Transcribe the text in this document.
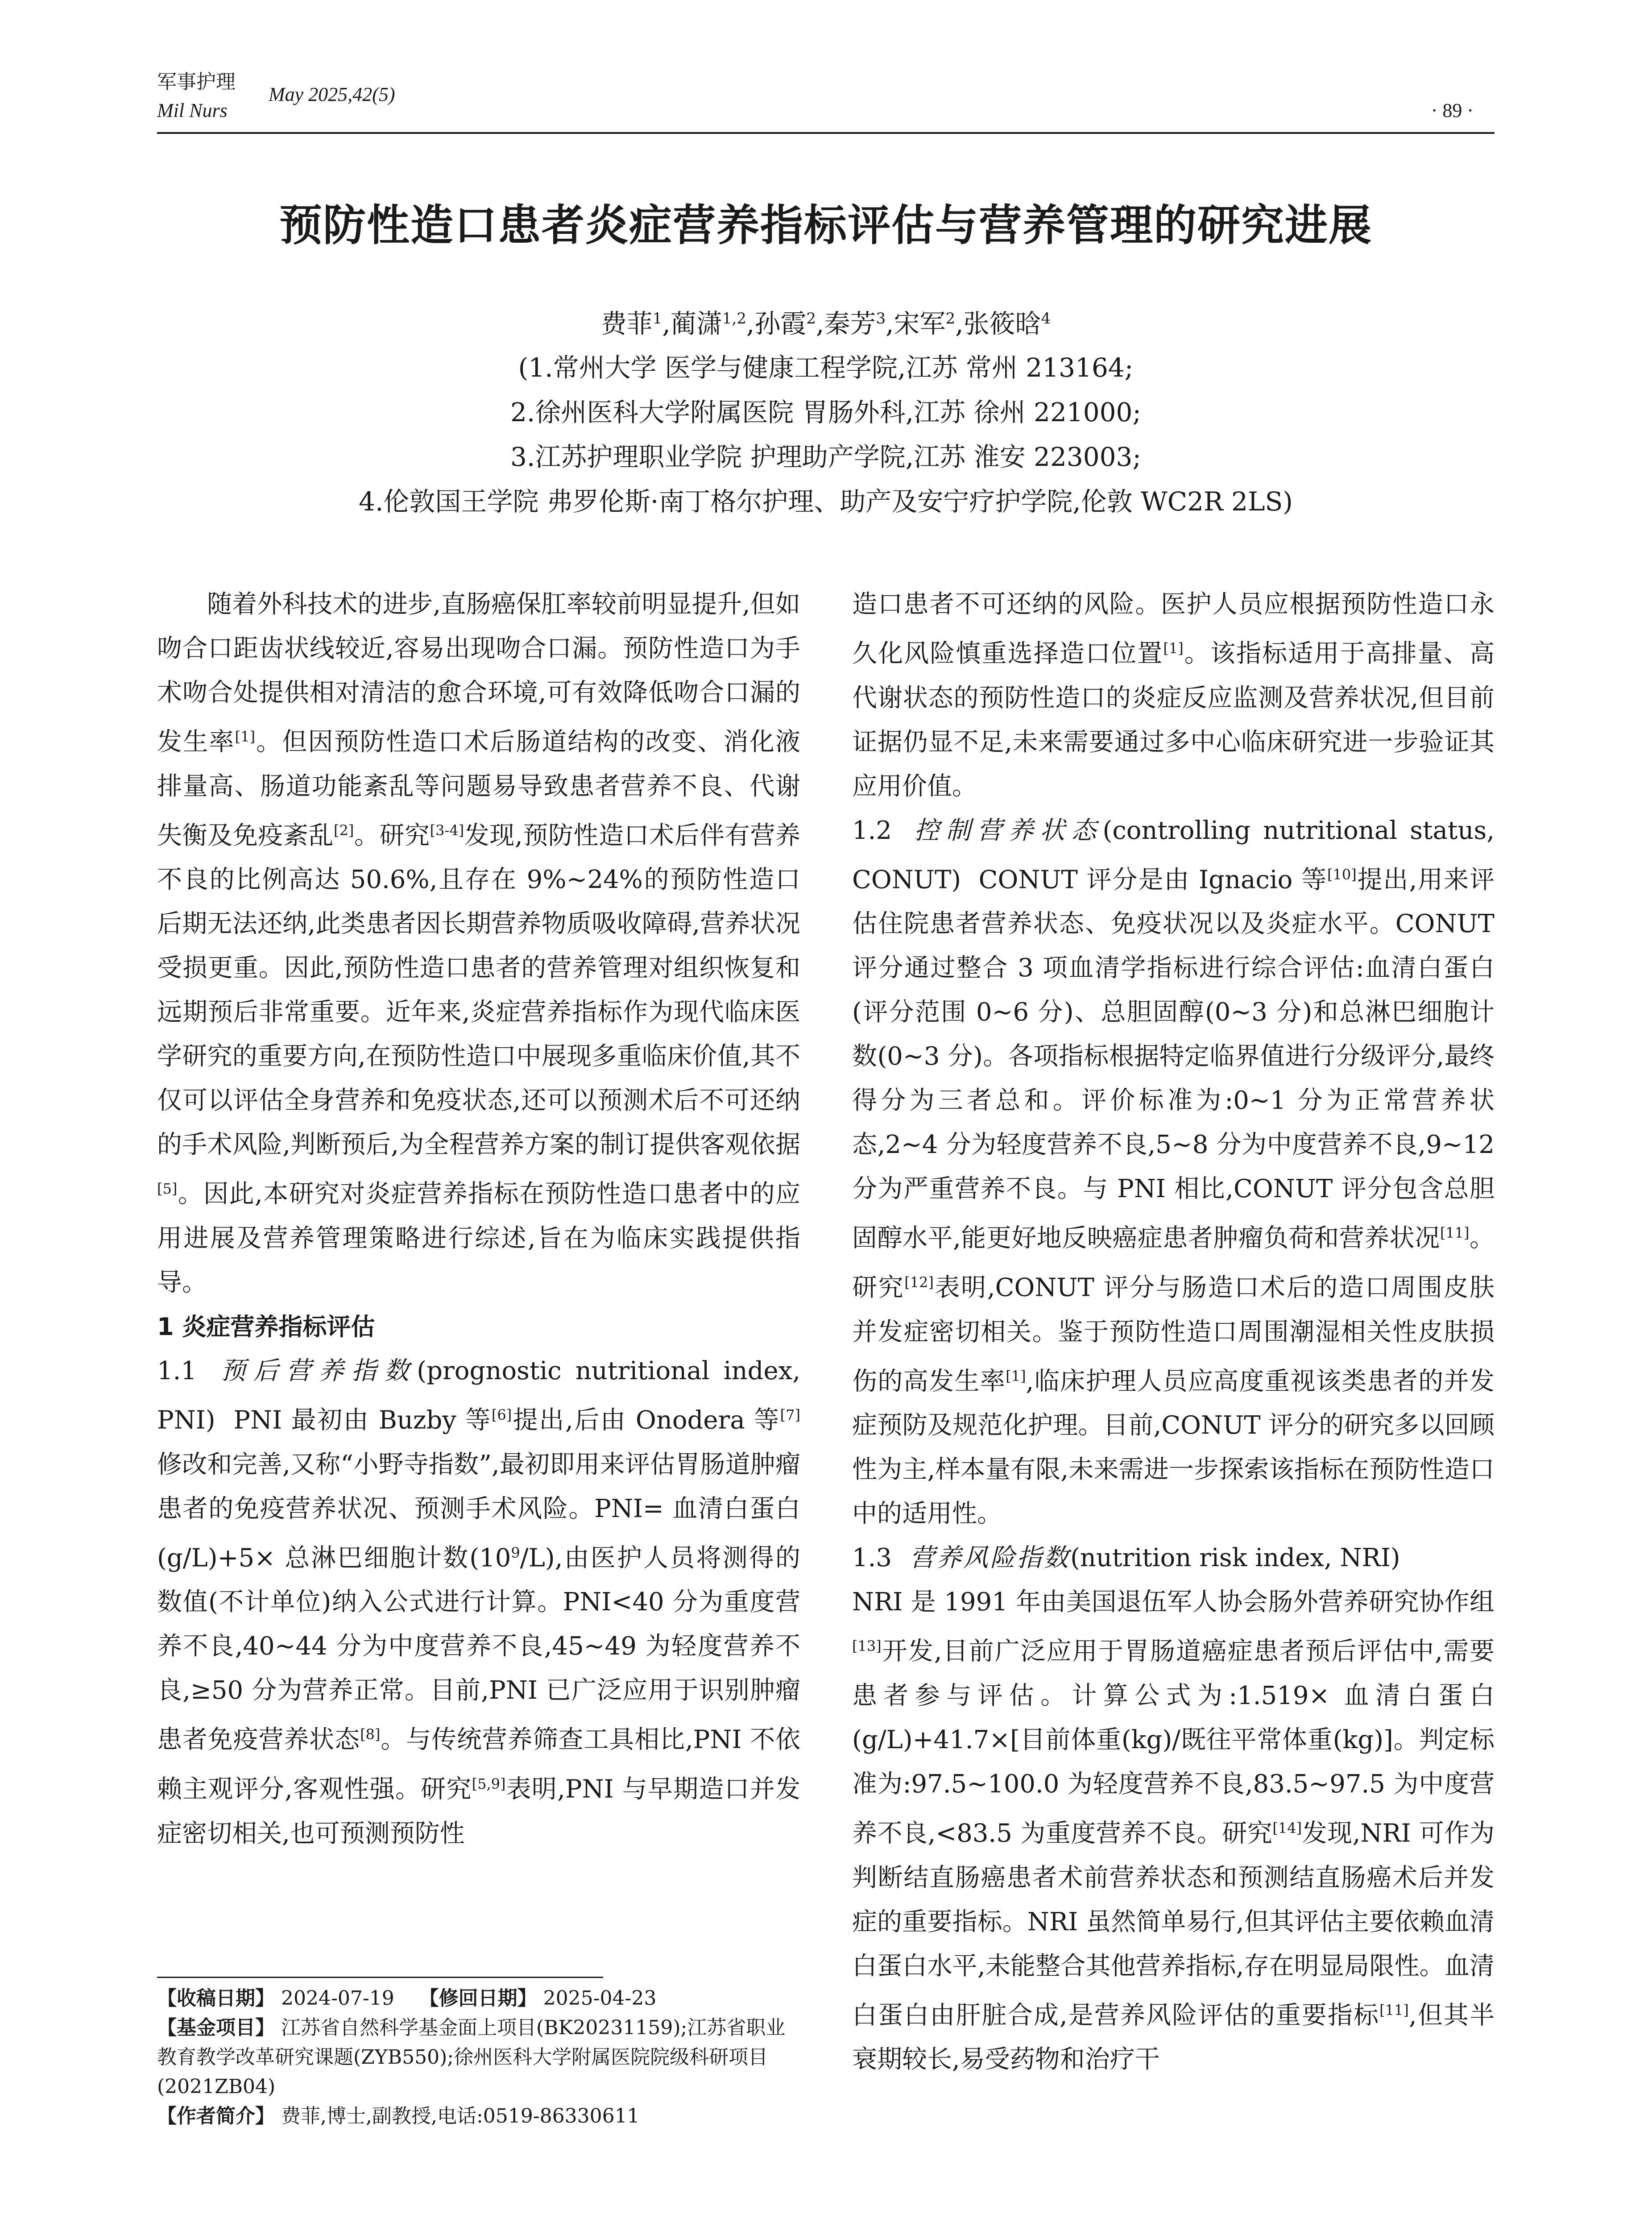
军事护理
Mil Nurs
May 2025,42(5)
· 89 ·
预防性造口患者炎症营养指标评估与营养管理的研究进展
费菲$^1$,蔺潇$^{1,2}$,孙霞$^2$,秦芳$^3$,宋军$^2$,张筱晗$^4$
(1.常州大学 医学与健康工程学院,江苏 常州 213164;
2.徐州医科大学附属医院 胃肠外科,江苏 徐州 221000;
3.江苏护理职业学院 护理助产学院,江苏 淮安 223003;
4.伦敦国王学院 弗罗伦斯·南丁格尔护理、助产及安宁疗护学院,伦敦 WC2R 2LS)

随着外科技术的进步,直肠癌保肛率较前明显提升,但如吻合口距齿状线较近,容易出现吻合口漏。预防性造口为手术吻合处提供相对清洁的愈合环境,可有效降低吻合口漏的发生率[1]。但因预防性造口术后肠道结构的改变、消化液排量高、肠道功能紊乱等问题易导致患者营养不良、代谢失衡及免疫紊乱[2]。研究[3-4]发现,预防性造口术后伴有营养不良的比例高达 50.6%,且存在 9%~24%的预防性造口后期无法还纳,此类患者因长期营养物质吸收障碍,营养状况受损更重。因此,预防性造口患者的营养管理对组织恢复和远期预后非常重要。近年来,炎症营养指标作为现代临床医学研究的重要方向,在预防性造口中展现多重临床价值,其不仅可以评估全身营养和免疫状态,还可以预测术后不可还纳的手术风险,判断预后,为全程营养方案的制订提供客观依据[5]。因此,本研究对炎症营养指标在预防性造口患者中的应用进展及营养管理策略进行综述,旨在为临床实践提供指导。

1 炎症营养指标评估

1.1 预后营养指数(prognostic nutritional index, PNI) PNI 最初由 Buzby 等[6]提出,后由 Onodera 等[7]修改和完善,又称“小野寺指数”,最初即用来评估胃肠道肿瘤患者的免疫营养状况、预测手术风险。PNI= 血清白蛋白(g/L)+5× 总淋巴细胞计数(10$^9$/L),由医护人员将测得的数值(不计单位)纳入公式进行计算。PNI<40 分为重度营养不良,40~44 分为中度营养不良,45~49 为轻度营养不良,≥50 分为营养正常。目前,PNI 已广泛应用于识别肿瘤患者免疫营养状态[8]。与传统营养筛查工具相比,PNI 不依赖主观评分,客观性强。研究[5,9]表明,PNI 与早期造口并发症密切相关,也可预测预防性

造口患者不可还纳的风险。医护人员应根据预防性造口永久化风险慎重选择造口位置[1]。该指标适用于高排量、高代谢状态的预防性造口的炎症反应监测及营养状况,但目前证据仍显不足,未来需要通过多中心临床研究进一步验证其应用价值。

1.2 控制营养状态(controlling nutritional status, CONUT) CONUT 评分是由 Ignacio 等[10]提出,用来评估住院患者营养状态、免疫状况以及炎症水平。CONUT 评分通过整合 3 项血清学指标进行综合评估:血清白蛋白(评分范围 0~6 分)、总胆固醇(0~3 分)和总淋巴细胞计数(0~3 分)。各项指标根据特定临界值进行分级评分,最终得分为三者总和。评价标准为:0~1 分为正常营养状态,2~4 分为轻度营养不良,5~8 分为中度营养不良,9~12 分为严重营养不良。与 PNI 相比,CONUT 评分包含总胆固醇水平,能更好地反映癌症患者肿瘤负荷和营养状况[11]。研究[12]表明,CONUT 评分与肠造口术后的造口周围皮肤并发症密切相关。鉴于预防性造口周围潮湿相关性皮肤损伤的高发生率[1],临床护理人员应高度重视该类患者的并发症预防及规范化护理。目前,CONUT 评分的研究多以回顾性为主,样本量有限,未来需进一步探索该指标在预防性造口中的适用性。

1.3 营养风险指数(nutrition risk index, NRI)
NRI 是 1991 年由美国退伍军人协会肠外营养研究协作组[13]开发,目前广泛应用于胃肠道癌症患者预后评估中,需要患者参与评估。计算公式为:1.519× 血清白蛋白(g/L)+41.7×[目前体重(kg)/既往平常体重(kg)]。判定标准为:97.5~100.0 为轻度营养不良,83.5~97.5 为中度营养不良,<83.5 为重度营养不良。研究[14]发现,NRI 可作为判断结直肠癌患者术前营养状态和预测结直肠癌术后并发症的重要指标。NRI 虽然简单易行,但其评估主要依赖血清白蛋白水平,未能整合其他营养指标,存在明显局限性。血清白蛋白由肝脏合成,是营养风险评估的重要指标[11],但其半衰期较长,易受药物和治疗干

【收稿日期】 2024-07-19 【修回日期】 2025-04-23

【基金项目】 江苏省自然科学基金面上项目(BK20231159);江苏省职业教育教学改革研究课题(ZYB550);徐州医科大学附属医院院级科研项目(2021ZB04)

【作者简介】 费菲,博士,副教授,电话:0519-86330611
